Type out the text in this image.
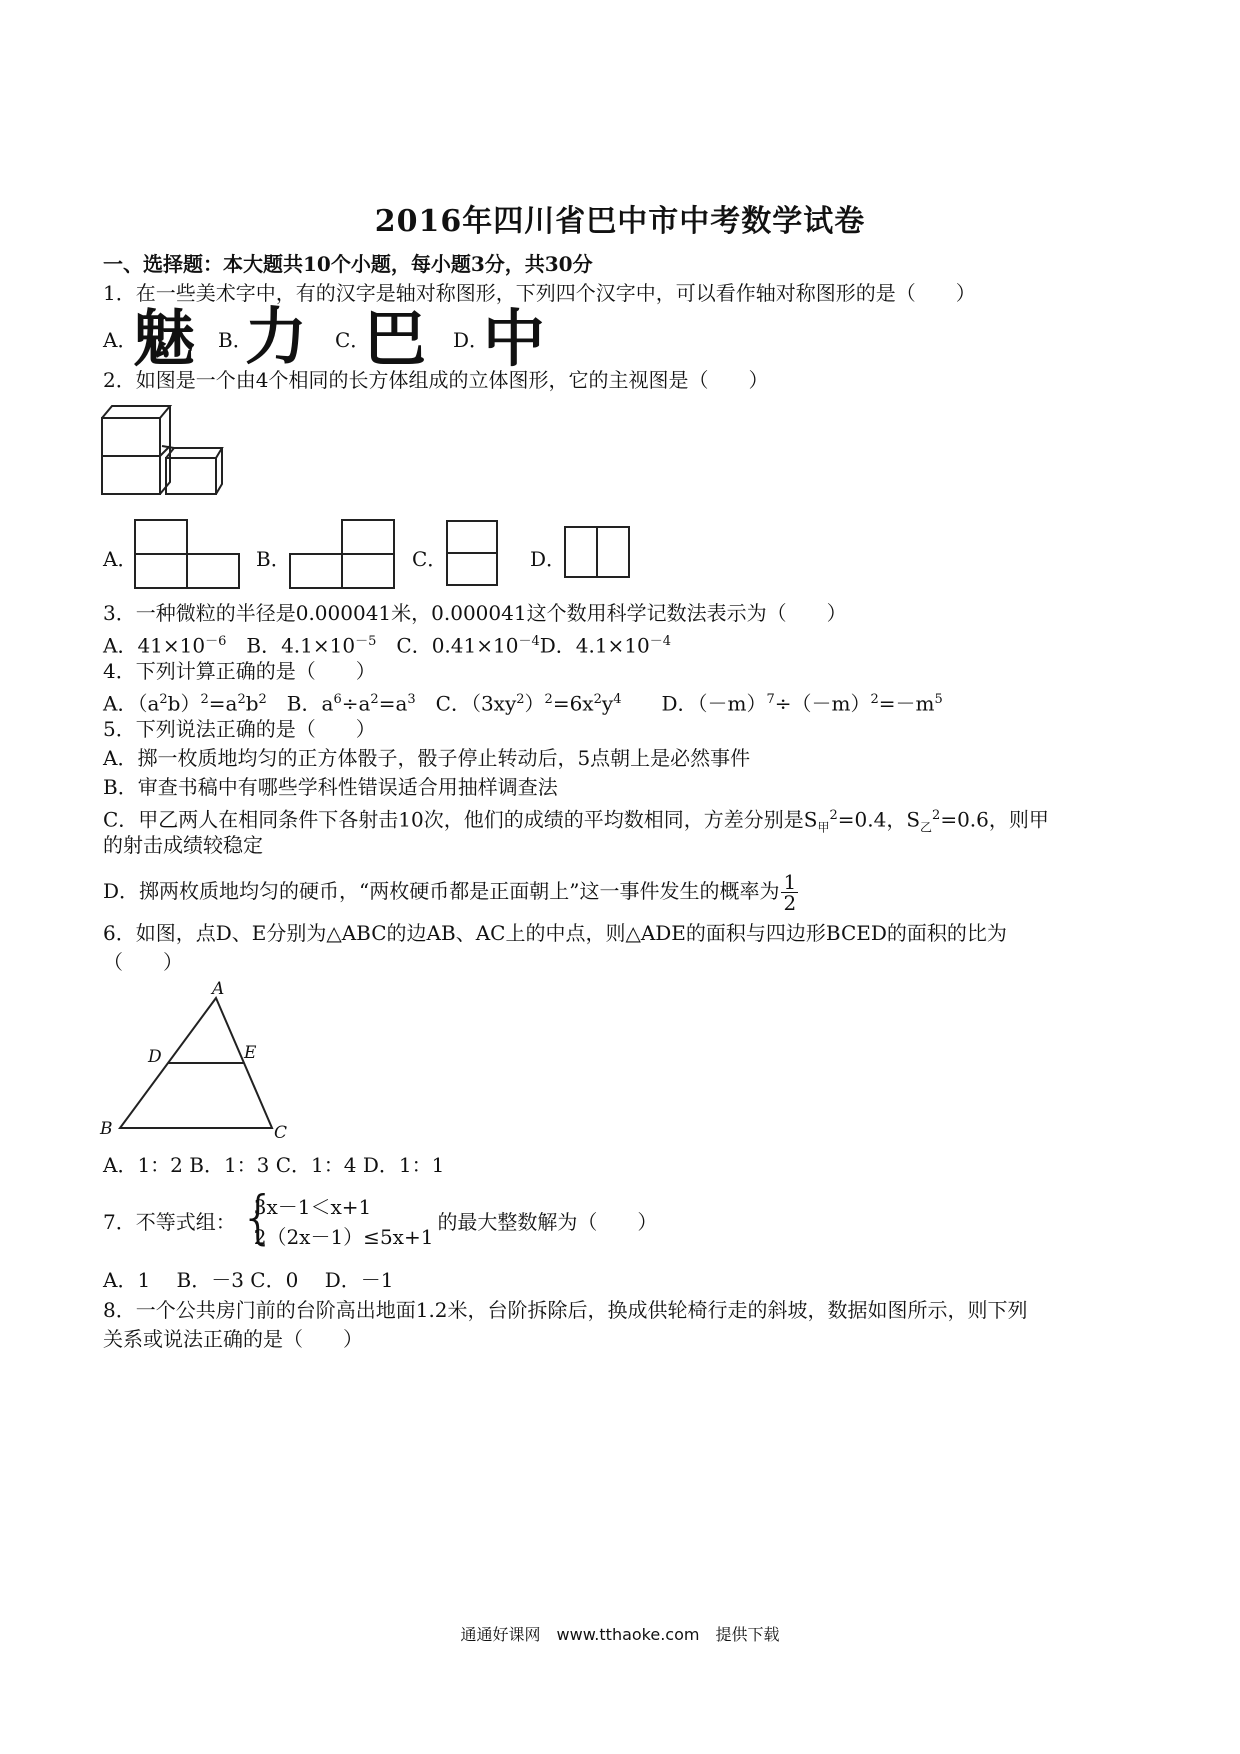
2016年四川省巴中市中考数学试卷
一、选择题：本大题共10个小题，每小题3分，共30分
1．在一些美术字中，有的汉字是轴对称图形，下列四个汉字中，可以看作轴对称图形的是（　　）
A．
魅 B．
力 C．
巴 D．
中
2．如图是一个由4个相同的长方体组成的立体图形，它的主视图是（　　）
A．	B．	C．	D．
3．一种微粒的半径是0.000041米，0.000041这个数用科学记数法表示为（　　）
A．$41\times 10^{-6}$　B．$4.1\times 10^{-5}$　C．$0.41\times 10^{-4}D$．$4.1\times 10^{-4}$
4．下列计算正确的是（　　）
A．$(a^2b)^2=a^2b^2$　B．$a^6\div a^2=a^3$　C．$(3xy^2)^2=6x^2y^4$　　D．$(-m)^7\div(-m)^2=-m^5$
5．下列说法正确的是（　　）
A．掷一枚质地均匀的正方体骰子，骰子停止转动后，5点朝上是必然事件
B．审查书稿中有哪些学科性错误适合用抽样调查法
C．甲乙两人在相同条件下各射击10次，他们的成绩的平均数相同，方差分别是$S_甲^2=0.4$，$S_乙^2=0.6$，则甲
的射击成绩较稳定
D．掷两枚质地均匀的硬币，“两枚硬币都是正面朝上”这一事件发生的概率为 $\frac{1}{2}$
6．如图，点D、E分别为△ABC的边AB、AC上的中点，则△ADE的面积与四边形BCED的面积的比为
（　　）
A
B	C
D	E
A．1：2 B．1：3 C．1：4 D．1：1
7．不等式组： {
3x－1＜x+1
2（2x－1）≤5x+1
的最大整数解为（　　）
A．1　 B．－3 C．0　 D．－1
8．一个公共房门前的台阶高出地面1.2米，台阶拆除后，换成供轮椅行走的斜坡，数据如图所示，则下列
关系或说法正确的是（　　）
通通好课网　www.tthaoke.com　提供下载
